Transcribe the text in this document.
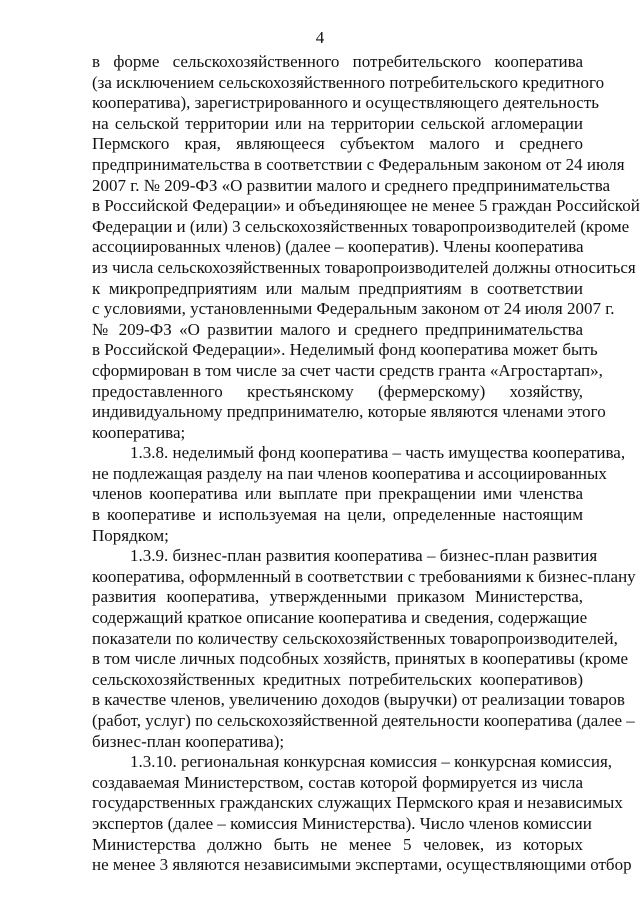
4
в форме сельскохозяйственного потребительского кооператива
(за исключением сельскохозяйственного потребительского кредитного
кооператива), зарегистрированного и осуществляющего деятельность
на сельской территории или на территории сельской агломерации
Пермского края, являющееся субъектом малого и среднего
предпринимательства в соответствии с Федеральным законом от 24 июля
2007 г. № 209-ФЗ «О развитии малого и среднего предпринимательства
в Российской Федерации» и объединяющее не менее 5 граждан Российской
Федерации и (или) 3 сельскохозяйственных товаропроизводителей (кроме
ассоциированных членов) (далее – кооператив). Члены кооператива
из числа сельскохозяйственных товаропроизводителей должны относиться
к микропредприятиям или малым предприятиям в соответствии
с условиями, установленными Федеральным законом от 24 июля 2007 г.
№ 209-ФЗ «О развитии малого и среднего предпринимательства
в Российской Федерации». Неделимый фонд кооператива может быть
сформирован в том числе за счет части средств гранта «Агростартап»,
предоставленного крестьянскому (фермерскому) хозяйству,
индивидуальному предпринимателю, которые являются членами этого
кооператива;
1.3.8. неделимый фонд кооператива – часть имущества кооператива,
не подлежащая разделу на паи членов кооператива и ассоциированных
членов кооператива или выплате при прекращении ими членства
в кооперативе и используемая на цели, определенные настоящим
Порядком;
1.3.9. бизнес-план развития кооператива – бизнес-план развития
кооператива, оформленный в соответствии с требованиями к бизнес-плану
развития кооператива, утвержденными приказом Министерства,
содержащий краткое описание кооператива и сведения, содержащие
показатели по количеству сельскохозяйственных товаропроизводителей,
в том числе личных подсобных хозяйств, принятых в кооперативы (кроме
сельскохозяйственных кредитных потребительских кооперативов)
в качестве членов, увеличению доходов (выручки) от реализации товаров
(работ, услуг) по сельскохозяйственной деятельности кооператива (далее –
бизнес-план кооператива);
1.3.10. региональная конкурсная комиссия – конкурсная комиссия,
создаваемая Министерством, состав которой формируется из числа
государственных гражданских служащих Пермского края и независимых
экспертов (далее – комиссия Министерства). Число членов комиссии
Министерства должно быть не менее 5 человек, из которых
не менее 3 являются независимыми экспертами, осуществляющими отбор
